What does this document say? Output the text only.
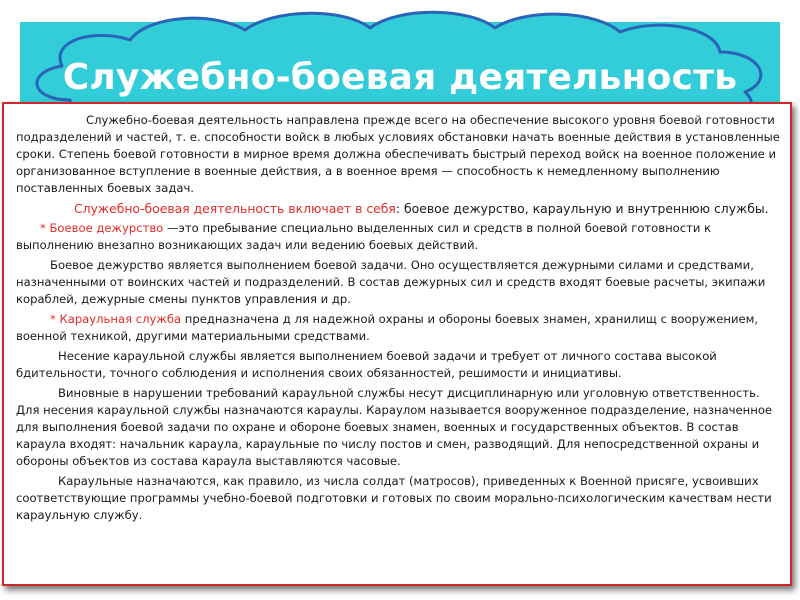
Служебно-боевая деятельность

Служебно-боевая деятельность направлена прежде всего на обеспечение высокого уровня боевой готовности подразделений и частей, т. е. способности войск в любых условиях обстановки начать военные действия в установленные сроки. Степень боевой готовности в мирное время должна обеспечивать быстрый переход войск на военное положение и организованное вступление в военные действия, а в военное время — способность к немедленному выполнению поставленных боевых задач.

Служебно-боевая деятельность включает в себя: боевое дежурство, караульную и внутреннюю службы.

* Боевое дежурство —это пребывание специально выделенных сил и средств в полной боевой готовности к выполнению внезапно возникающих задач или ведению боевых действий.

Боевое дежурство является выполнением боевой задачи. Оно осуществляется дежурными силами и средствами, назначенными от воинских частей и подразделений. В состав дежурных сил и средств входят боевые расчеты, экипажи кораблей, дежурные смены пунктов управления и др.

* Караульная служба предназначена д ля надежной охраны и обороны боевых знамен, хранилищ с вооружением, военной техникой, другими материальными средствами.

Несение караульной службы является выполнением боевой задачи и требует от личного состава высокой бдительности, точного соблюдения и исполнения своих обязанностей, решимости и инициативы.

Виновные в нарушении требований караульной службы несут дисциплинарную или уголовную ответственность. Для несения караульной службы назначаются караулы. Караулом называется вооруженное подразделение, назначенное для выполнения боевой задачи по охране и обороне боевых знамен, военных и государственных объектов. В состав караула входят: начальник караула, караульные по числу постов и смен, разводящий. Для непосредственной охраны и обороны объектов из состава караула выставляются часовые.

Караульные назначаются, как правило, из числа солдат (матросов), приведенных к Военной присяге, усвоивших соответствующие программы учебно-боевой подготовки и готовых по своим морально-психологическим качествам нести караульную службу.
